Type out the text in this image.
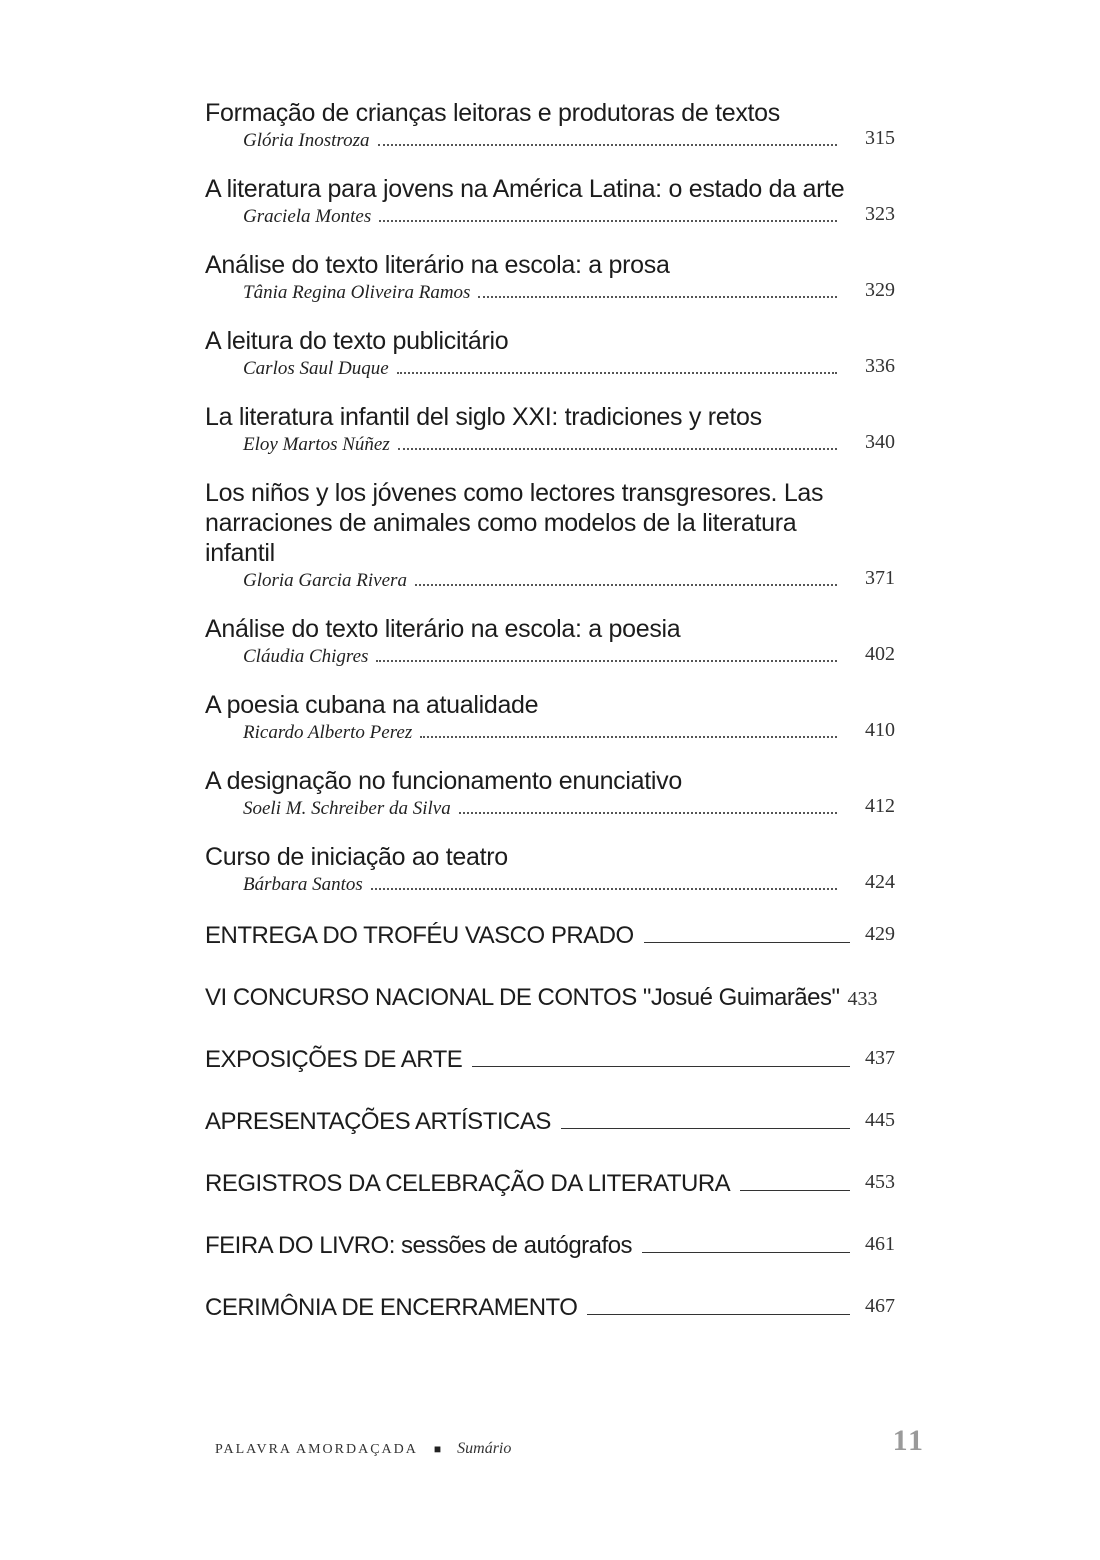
Formação de crianças leitoras e produtoras de textos
Glória Inostroza	315
A literatura para jovens na América Latina: o estado da arte
Graciela Montes	323
Análise do texto literário na escola: a prosa
Tânia Regina Oliveira Ramos	329
A leitura do texto publicitário
Carlos Saul Duque	336
La literatura infantil del siglo XXI: tradiciones y retos
Eloy Martos Núñez	340
Los niños y los jóvenes como lectores transgresores. Las narraciones de animales como modelos de la literatura infantil
Gloria Garcia Rivera	371
Análise do texto literário na escola: a poesia
Cláudia Chigres	402
A poesia cubana na atualidade
Ricardo Alberto Perez	410
A designação no funcionamento enunciativo
Soeli M. Schreiber da Silva	412
Curso de iniciação ao teatro
Bárbara Santos	424
ENTREGA DO TROFÉU VASCO PRADO	429
VI CONCURSO NACIONAL DE CONTOS "Josué Guimarães" 433
EXPOSIÇÕES DE ARTE	437
APRESENTAÇÕES ARTÍSTICAS	445
REGISTROS DA CELEBRAÇÃO DA LITERATURA	453
FEIRA DO LIVRO: sessões de autógrafos	461
CERIMÔNIA DE ENCERRAMENTO	467
PALAVRA AMORDAÇADA ■ Sumário	11
